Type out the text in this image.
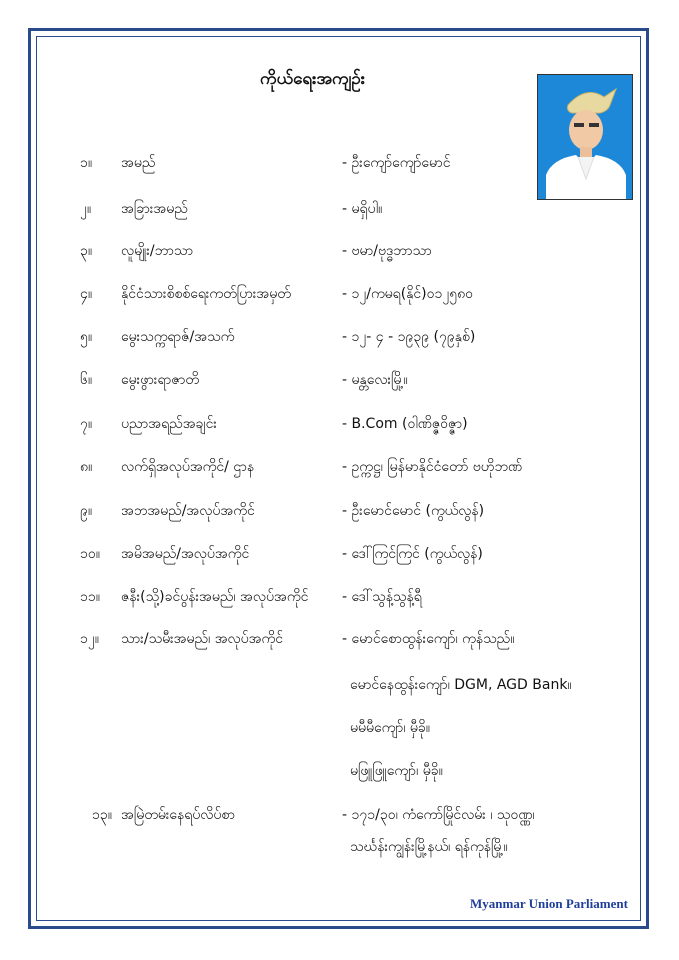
ကိုယ်ရေးအကျဉ်း
၁။	အမည်	- ဦးကျော်ကျော်မောင်
၂။	အခြားအမည်	- မရှိပါ။
၃။	လူမျိုး/ဘာသာ	- ဗမာ/ဗုဒ္ဓဘာသာ
၄။	နိုင်ငံသားစိစစ်ရေးကတ်ပြားအမှတ်	- ၁၂/ကမရ(နိုင်)၀၁၂၅၈၀
၅။	မွေးသက္ကရာဇ်/အသက်	- ၁၂- ၄ - ၁၉၃၉ (၇၉နှစ်)
၆။	မွေးဖွားရာဇာတိ	- မန္တလေးမြို့။
၇။	ပညာအရည်အချင်း	- B.Com (ဝါဏိဇ္ဇဝိဇ္ဇာ)
၈။	လက်ရှိအလုပ်အကိုင်/ ဌာန	- ဥက္ကဋ္ဌ၊ မြန်မာနိုင်ငံတော် ဗဟိုဘဏ်
၉။	အဘအမည်/အလုပ်အကိုင်	- ဦးမောင်မောင် (ကွယ်လွန်)
၁၀။	အမိအမည်/အလုပ်အကိုင်	- ဒေါ်ကြင်ကြင် (ကွယ်လွန်)
၁၁။	ဇနီး(သို့)ခင်ပွန်းအမည်၊ အလုပ်အကိုင် - ဒေါ်သွန့်သွန့်ရီ
၁၂။	သား/သမီးအမည်၊ အလုပ်အကိုင်	- မောင်စောထွန်းကျော်၊ ကုန်သည်။
မောင်နေထွန်းကျော်၊ DGM, AGD Bank။
မမီမီကျော်၊ မှီခို။
မဖြူဖြူကျော်၊ မှီခို။
၁၃။ အမြဲတမ်းနေရပ်လိပ်စာ	- ၁၇၁/၃၀၊ ကံကော်မြိုင်လမ်း ၊ သုဝဏ္ဏ၊
သင်္ဃန်းကျွန်းမြို့နယ်၊ ရန်ကုန်မြို့။
Myanmar Union Parliament
